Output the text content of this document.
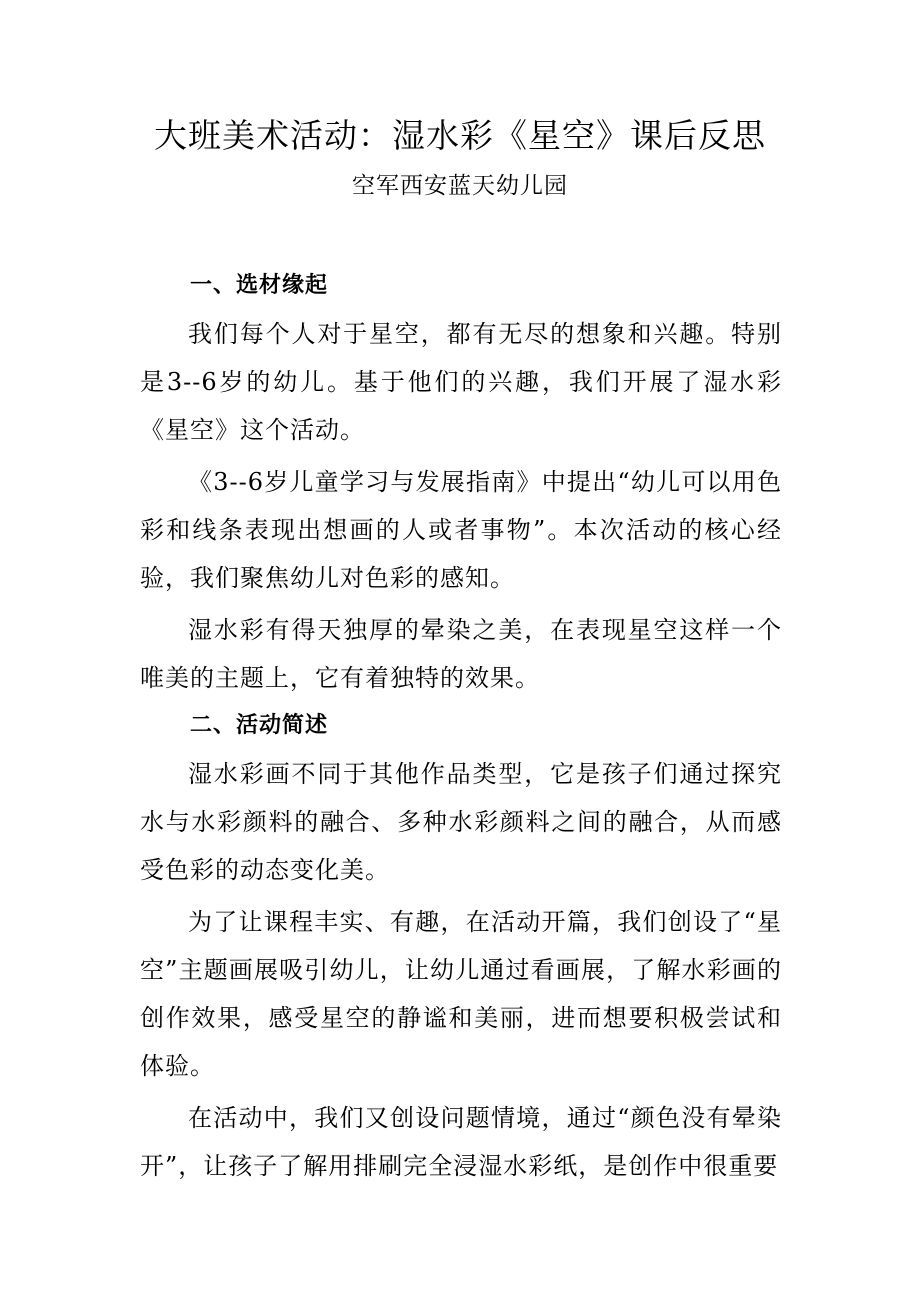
大班美术活动：湿水彩《星空》课后反思

空军西安蓝天幼儿园

一、选材缘起

我们每个人对于星空，都有无尽的想象和兴趣。特别是3--6岁的幼儿。基于他们的兴趣，我们开展了湿水彩《星空》这个活动。

《3--6岁儿童学习与发展指南》中提出“幼儿可以用色彩和线条表现出想画的人或者事物”。本次活动的核心经验，我们聚焦幼儿对色彩的感知。

湿水彩有得天独厚的晕染之美，在表现星空这样一个唯美的主题上，它有着独特的效果。

二、活动简述

湿水彩画不同于其他作品类型，它是孩子们通过探究水与水彩颜料的融合、多种水彩颜料之间的融合，从而感受色彩的动态变化美。

为了让课程丰实、有趣，在活动开篇，我们创设了“星空”主题画展吸引幼儿，让幼儿通过看画展，了解水彩画的创作效果，感受星空的静谧和美丽，进而想要积极尝试和体验。

在活动中，我们又创设问题情境，通过“颜色没有晕染开”，让孩子了解用排刷完全浸湿水彩纸，是创作中很重要
